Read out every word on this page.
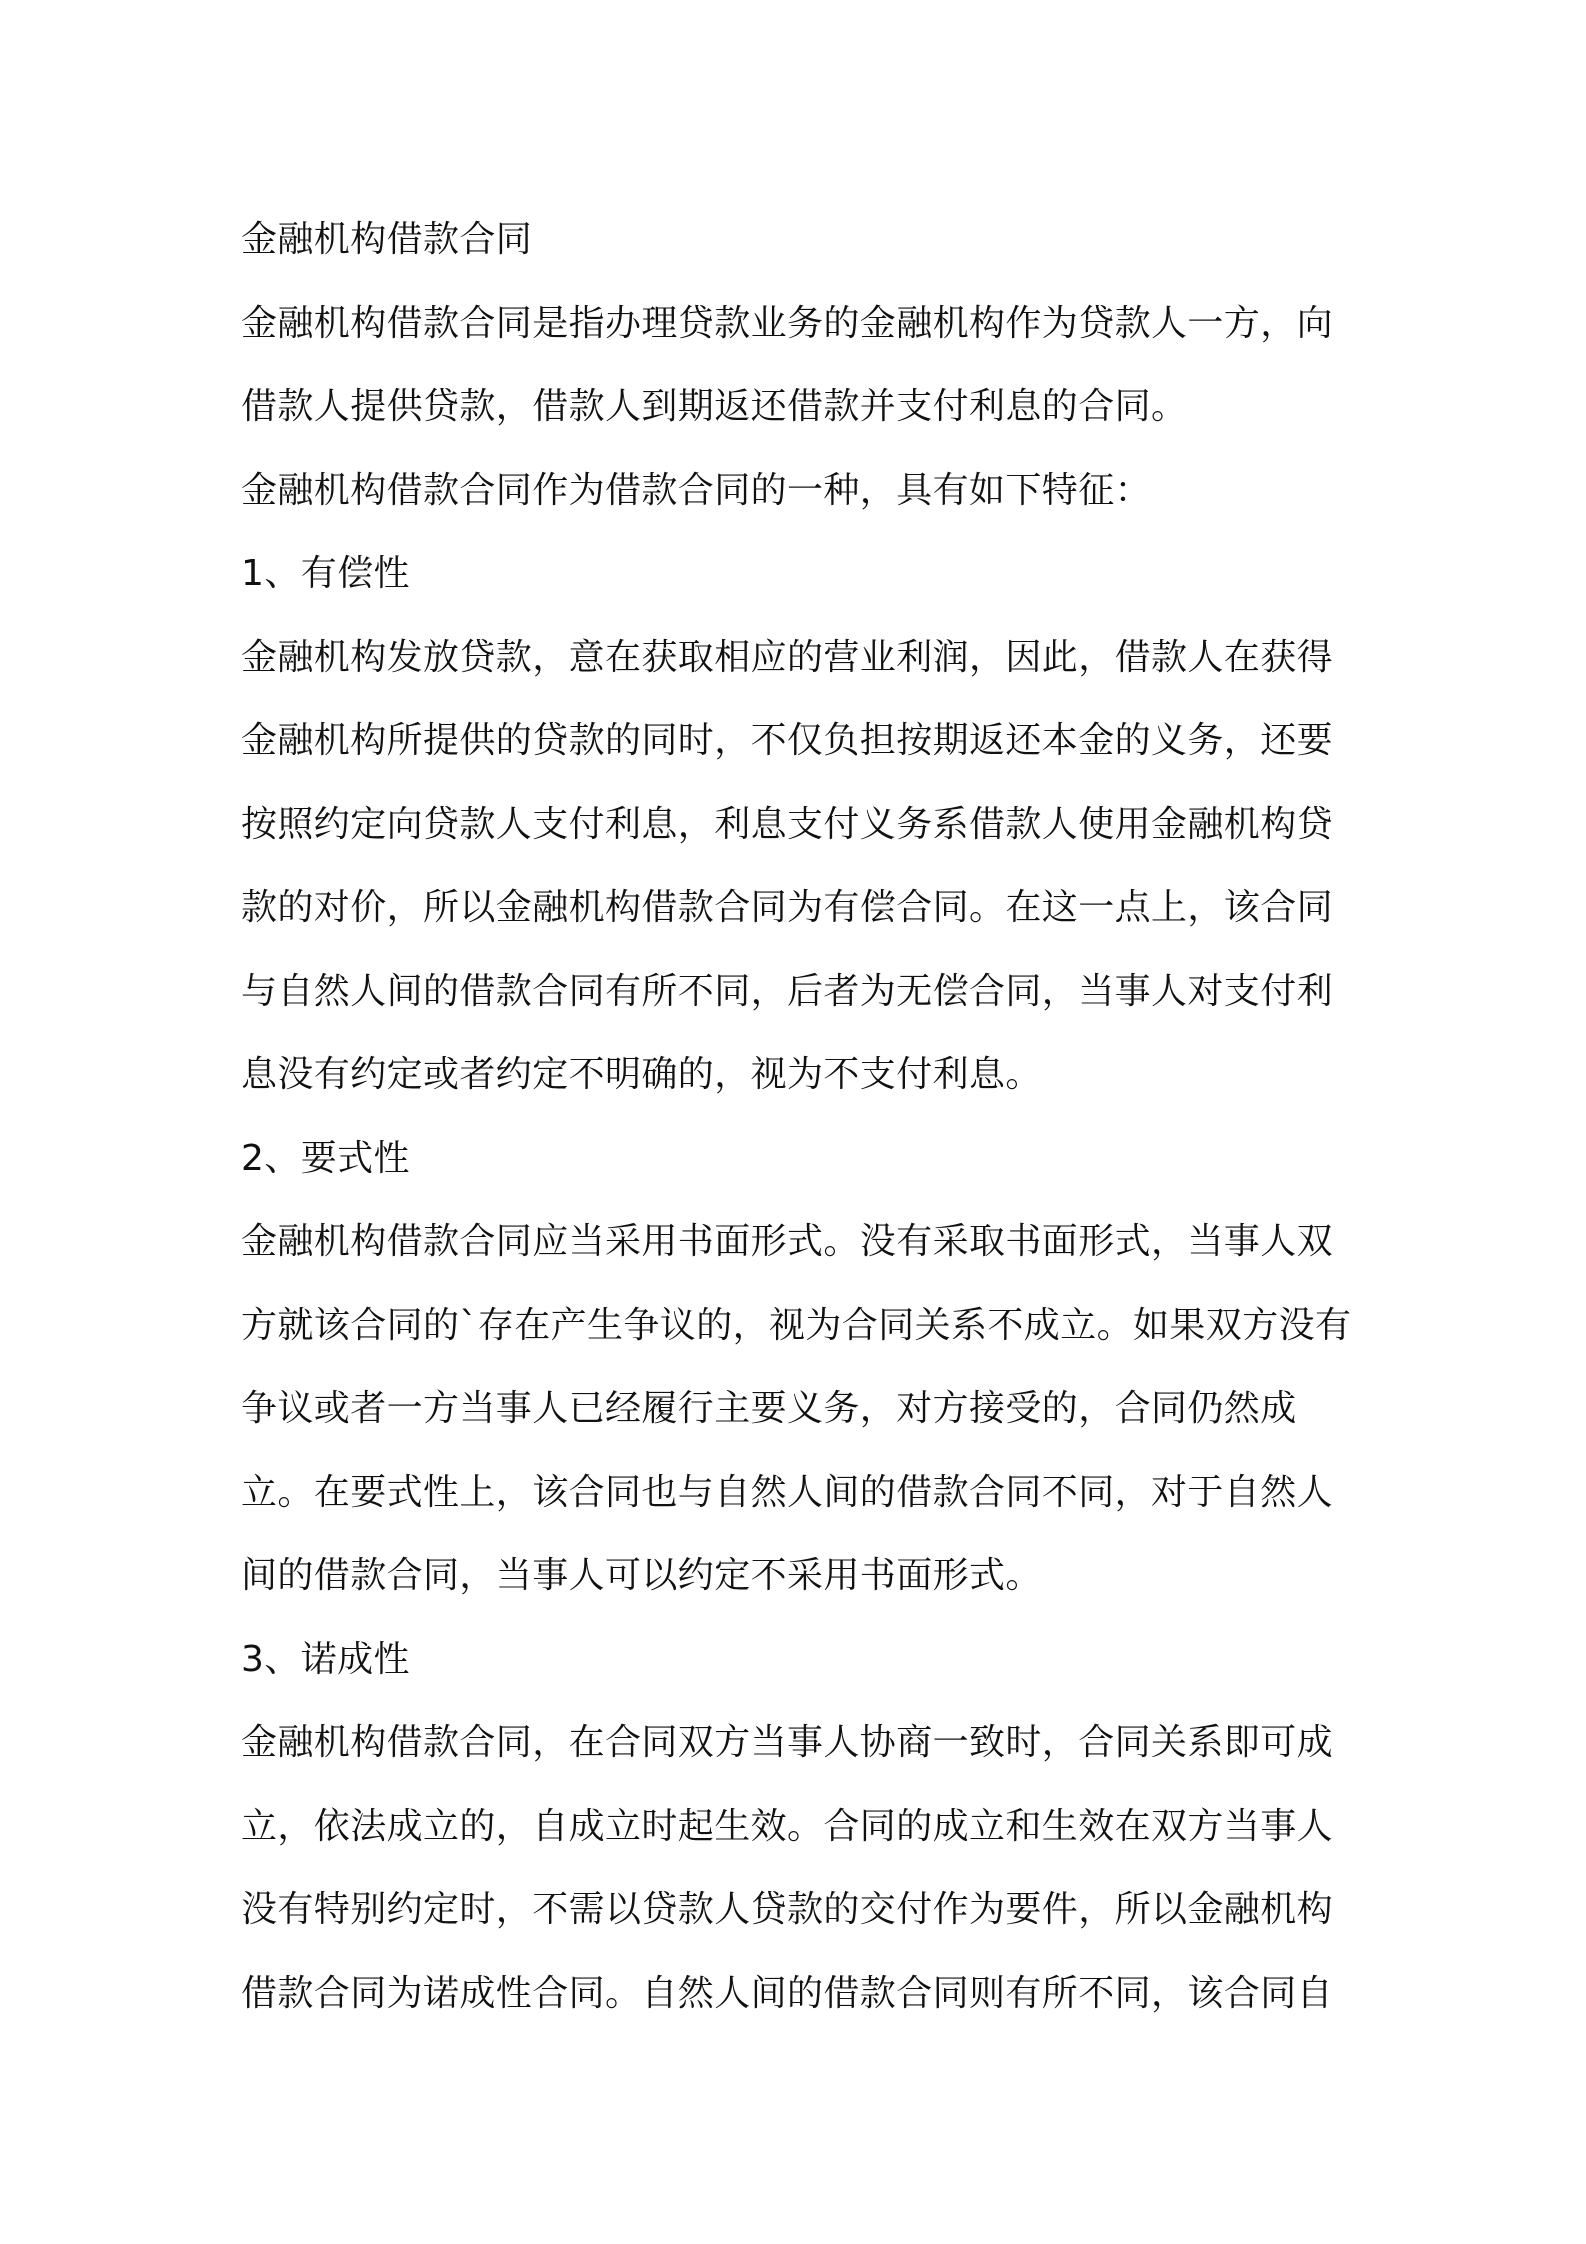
金融机构借款合同

金融机构借款合同是指办理贷款业务的金融机构作为贷款人一方，向借款人提供贷款，借款人到期返还借款并支付利息的合同。

金融机构借款合同作为借款合同的一种，具有如下特征：

1、有偿性

金融机构发放贷款，意在获取相应的营业利润，因此，借款人在获得金融机构所提供的贷款的同时，不仅负担按期返还本金的义务，还要按照约定向贷款人支付利息，利息支付义务系借款人使用金融机构贷款的对价，所以金融机构借款合同为有偿合同。在这一点上，该合同与自然人间的借款合同有所不同，后者为无偿合同，当事人对支付利息没有约定或者约定不明确的，视为不支付利息。

2、要式性

金融机构借款合同应当采用书面形式。没有采取书面形式，当事人双方就该合同的`存在产生争议的，视为合同关系不成立。如果双方没有争议或者一方当事人已经履行主要义务，对方接受的，合同仍然成立。在要式性上，该合同也与自然人间的借款合同不同，对于自然人间的借款合同，当事人可以约定不采用书面形式。

3、诺成性

金融机构借款合同，在合同双方当事人协商一致时，合同关系即可成立，依法成立的，自成立时起生效。合同的成立和生效在双方当事人没有特别约定时，不需以贷款人贷款的交付作为要件，所以金融机构借款合同为诺成性合同。自然人间的借款合同则有所不同，该合同自
